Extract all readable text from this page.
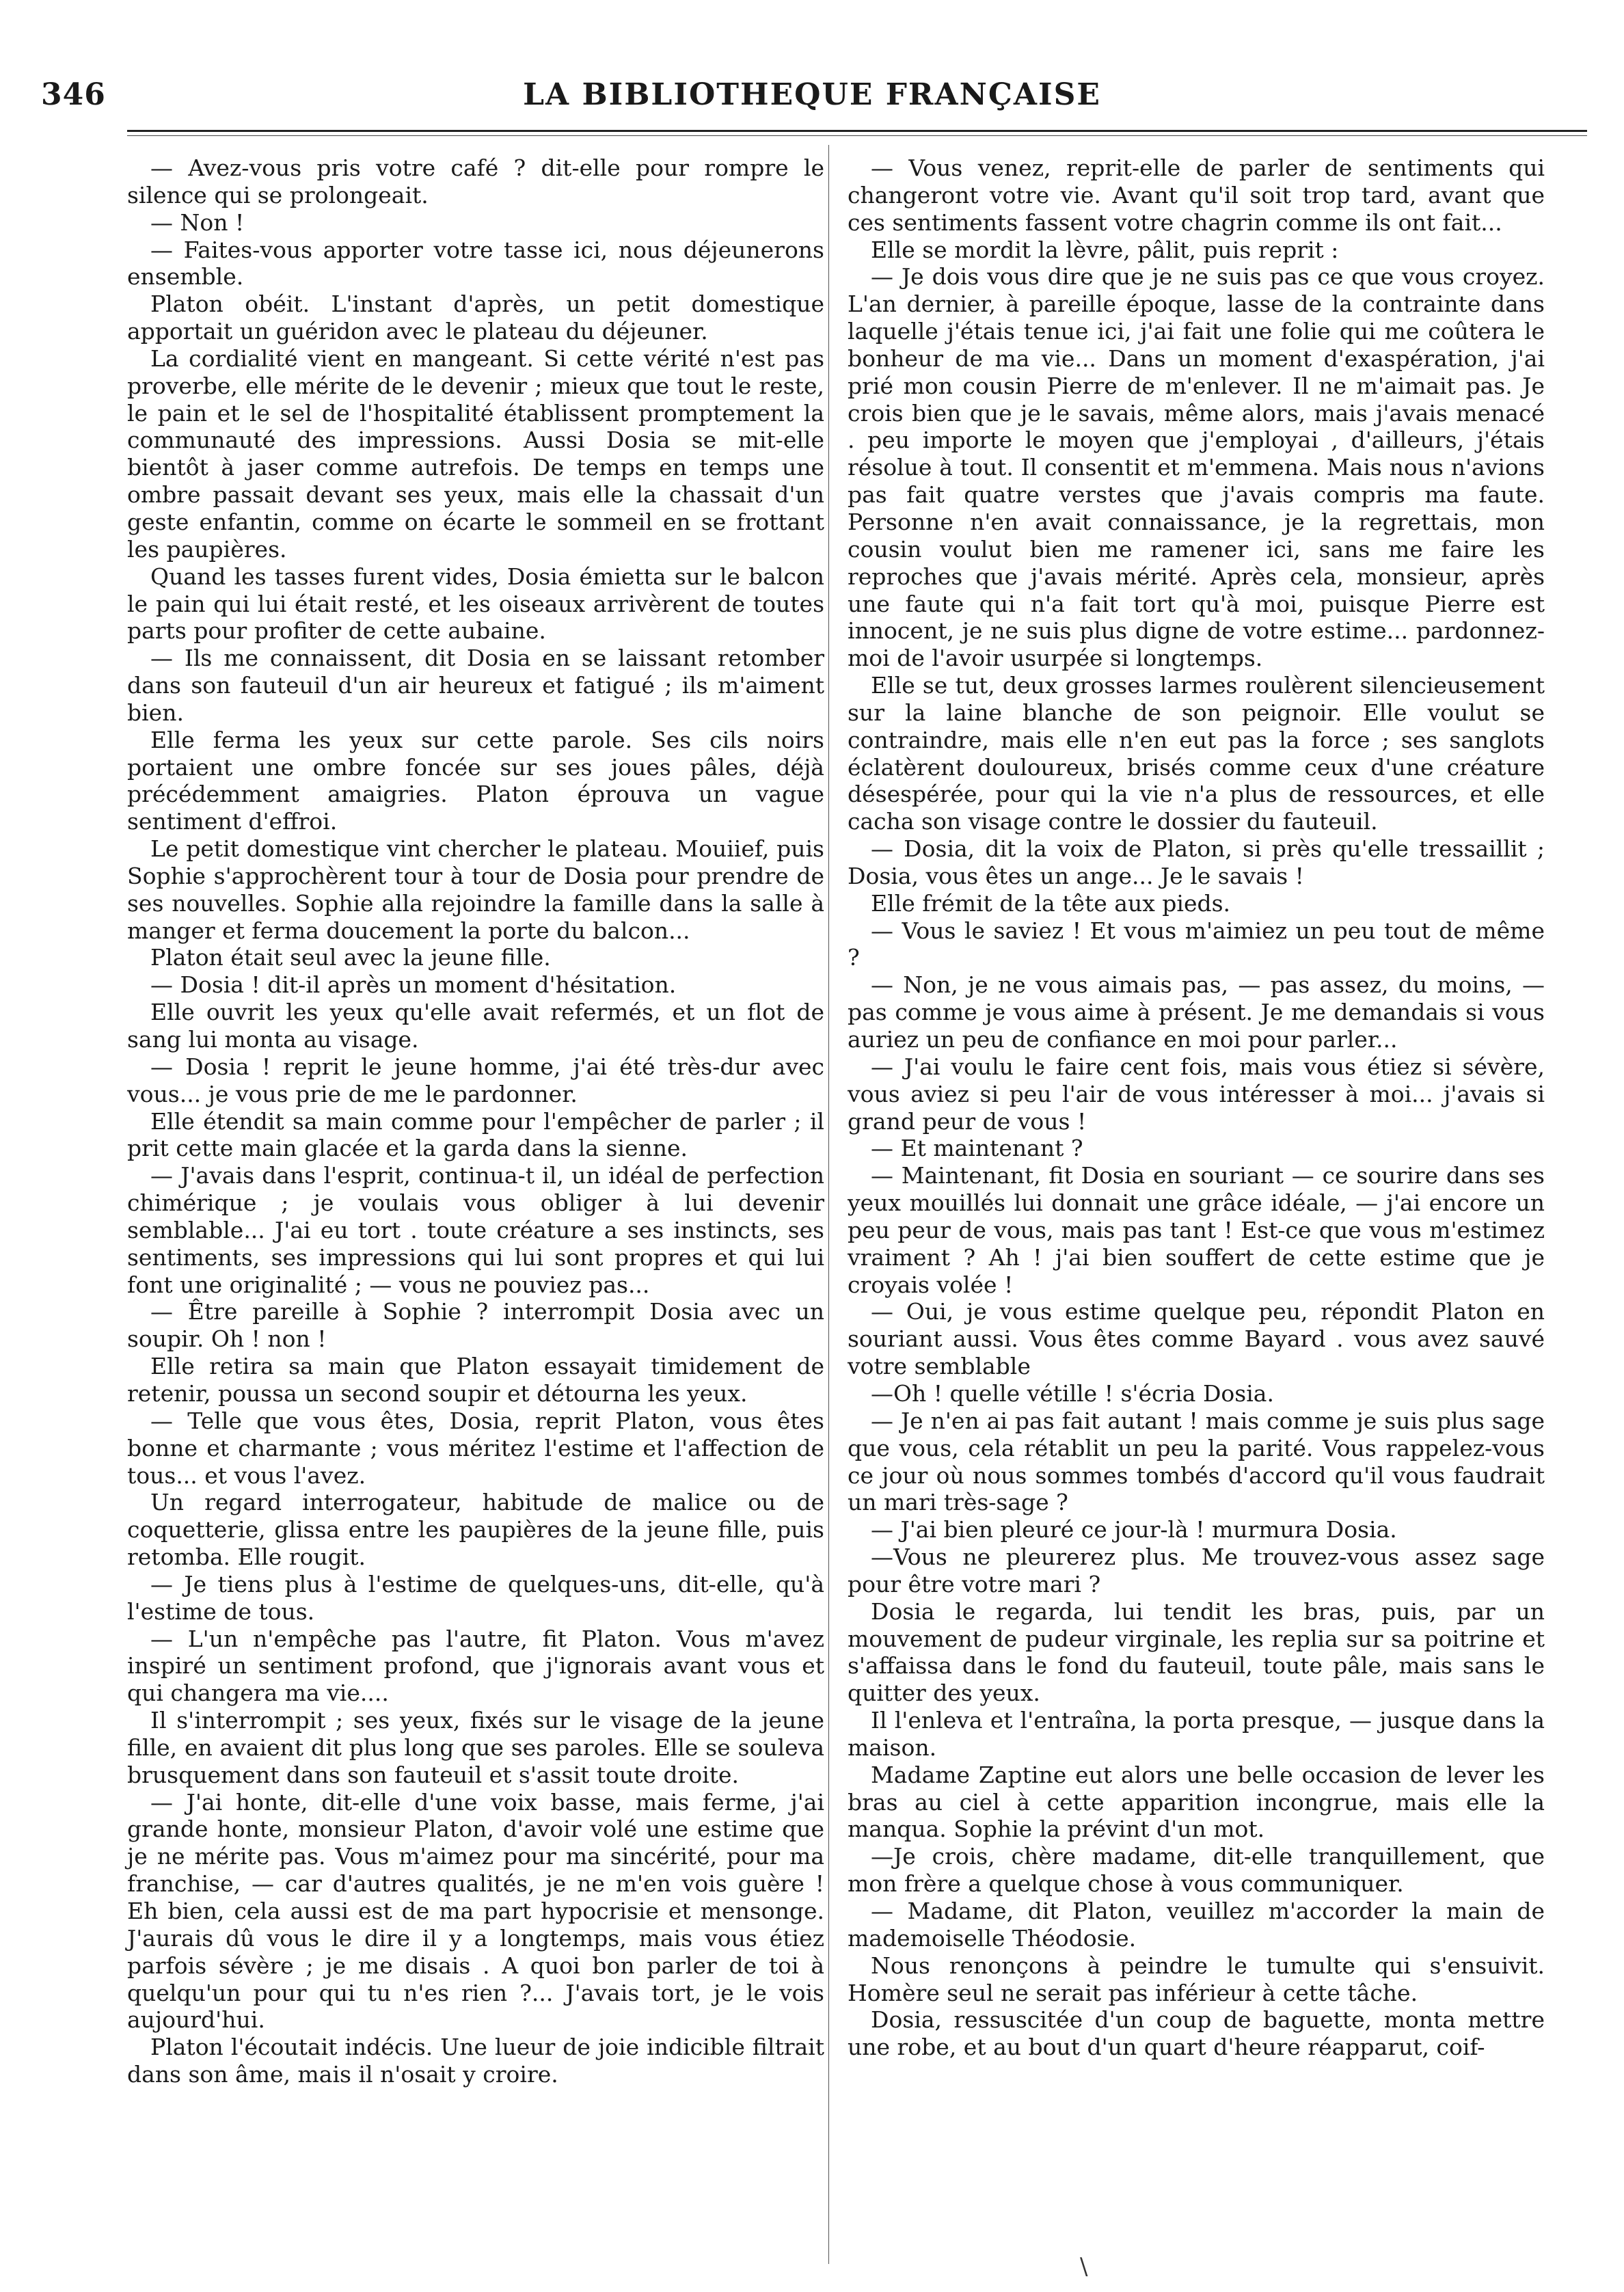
346	LA BIBLIOTHEQUE FRANÇAISE

— Avez-vous pris votre café ? dit-elle pour rompre le silence qui se prolongeait.

— Non !

— Faites-vous apporter votre tasse ici, nous déjeunerons ensemble.

Platon obéit. L'instant d'après, un petit domestique apportait un guéridon avec le plateau du déjeuner.

La cordialité vient en mangeant. Si cette vérité n'est pas proverbe, elle mérite de le devenir ; mieux que tout le reste, le pain et le sel de l'hospitalité établissent promptement la communauté des impressions. Aussi Dosia se mit-elle bientôt à jaser comme autrefois. De temps en temps une ombre passait devant ses yeux, mais elle la chassait d'un geste enfantin, comme on écarte le sommeil en se frottant les paupières.

Quand les tasses furent vides, Dosia émietta sur le balcon le pain qui lui était resté, et les oiseaux arrivèrent de toutes parts pour profiter de cette aubaine.

— Ils me connaissent, dit Dosia en se laissant retomber dans son fauteuil d'un air heureux et fatigué ; ils m'aiment bien.

Elle ferma les yeux sur cette parole. Ses cils noirs portaient une ombre foncée sur ses joues pâles, déjà précédemment amaigries. Platon éprouva un vague sentiment d'effroi.

Le petit domestique vint chercher le plateau. Mouiief, puis Sophie s'approchèrent tour à tour de Dosia pour prendre de ses nouvelles. Sophie alla rejoindre la famille dans la salle à manger et ferma doucement la porte du balcon...

Platon était seul avec la jeune fille.

— Dosia ! dit-il après un moment d'hésitation.

Elle ouvrit les yeux qu'elle avait refermés, et un flot de sang lui monta au visage.

— Dosia ! reprit le jeune homme, j'ai été très-dur avec vous... je vous prie de me le pardonner.

Elle étendit sa main comme pour l'empêcher de parler ; il prit cette main glacée et la garda dans la sienne.

— J'avais dans l'esprit, continua-t il, un idéal de perfection chimérique ; je voulais vous obliger à lui devenir semblable... J'ai eu tort . toute créature a ses instincts, ses sentiments, ses impressions qui lui sont propres et qui lui font une originalité ; — vous ne pouviez pas...

— Être pareille à Sophie ? interrompit Dosia avec un soupir. Oh ! non !

Elle retira sa main que Platon essayait timidement de retenir, poussa un second soupir et détourna les yeux.

— Telle que vous êtes, Dosia, reprit Platon, vous êtes bonne et charmante ; vous méritez l'estime et l'affection de tous... et vous l'avez.

Un regard interrogateur, habitude de malice ou de coquetterie, glissa entre les paupières de la jeune fille, puis retomba. Elle rougit.

— Je tiens plus à l'estime de quelques-uns, dit-elle, qu'à l'estime de tous.

— L'un n'empêche pas l'autre, fit Platon. Vous m'avez inspiré un sentiment profond, que j'ignorais avant vous et qui changera ma vie....

Il s'interrompit ; ses yeux, fixés sur le visage de la jeune fille, en avaient dit plus long que ses paroles. Elle se souleva brusquement dans son fauteuil et s'assit toute droite.

— J'ai honte, dit-elle d'une voix basse, mais ferme, j'ai grande honte, monsieur Platon, d'avoir volé une estime que je ne mérite pas. Vous m'aimez pour ma sincérité, pour ma franchise, — car d'autres qualités, je ne m'en vois guère ! Eh bien, cela aussi est de ma part hypocrisie et mensonge. J'aurais dû vous le dire il y a longtemps, mais vous étiez parfois sévère ; je me disais . A quoi bon parler de toi à quelqu'un pour qui tu n'es rien ?... J'avais tort, je le vois aujourd'hui.

Platon l'écoutait indécis. Une lueur de joie indicible filtrait dans son âme, mais il n'osait y croire.

— Vous venez, reprit-elle de parler de sentiments qui changeront votre vie. Avant qu'il soit trop tard, avant que ces sentiments fassent votre chagrin comme ils ont fait...

Elle se mordit la lèvre, pâlit, puis reprit :

— Je dois vous dire que je ne suis pas ce que vous croyez. L'an dernier, à pareille époque, lasse de la contrainte dans laquelle j'étais tenue ici, j'ai fait une folie qui me coûtera le bonheur de ma vie... Dans un moment d'exaspération, j'ai prié mon cousin Pierre de m'enlever. Il ne m'aimait pas. Je crois bien que je le savais, même alors, mais j'avais menacé . peu importe le moyen que j'employai , d'ailleurs, j'étais résolue à tout. Il consentit et m'emmena. Mais nous n'avions pas fait quatre verstes que j'avais compris ma faute. Personne n'en avait connaissance, je la regrettais, mon cousin voulut bien me ramener ici, sans me faire les reproches que j'avais mérité. Après cela, monsieur, après une faute qui n'a fait tort qu'à moi, puisque Pierre est innocent, je ne suis plus digne de votre estime... pardonnez-moi de l'avoir usurpée si longtemps.

Elle se tut, deux grosses larmes roulèrent silencieusement sur la laine blanche de son peignoir. Elle voulut se contraindre, mais elle n'en eut pas la force ; ses sanglots éclatèrent douloureux, brisés comme ceux d'une créature désespérée, pour qui la vie n'a plus de ressources, et elle cacha son visage contre le dossier du fauteuil.

— Dosia, dit la voix de Platon, si près qu'elle tressaillit ; Dosia, vous êtes un ange... Je le savais !

Elle frémit de la tête aux pieds.

— Vous le saviez ! Et vous m'aimiez un peu tout de même ?

— Non, je ne vous aimais pas, — pas assez, du moins, — pas comme je vous aime à présent. Je me demandais si vous auriez un peu de confiance en moi pour parler...

— J'ai voulu le faire cent fois, mais vous étiez si sévère, vous aviez si peu l'air de vous intéresser à moi... j'avais si grand peur de vous !

— Et maintenant ?

— Maintenant, fit Dosia en souriant — ce sourire dans ses yeux mouillés lui donnait une grâce idéale, — j'ai encore un peu peur de vous, mais pas tant ! Est-ce que vous m'estimez vraiment ? Ah ! j'ai bien souffert de cette estime que je croyais volée !

— Oui, je vous estime quelque peu, répondit Platon en souriant aussi. Vous êtes comme Bayard . vous avez sauvé votre semblable

—Oh ! quelle vétille ! s'écria Dosia.

— Je n'en ai pas fait autant ! mais comme je suis plus sage que vous, cela rétablit un peu la parité. Vous rappelez-vous ce jour où nous sommes tombés d'accord qu'il vous faudrait un mari très-sage ?

— J'ai bien pleuré ce jour-là ! murmura Dosia.

—Vous ne pleurerez plus. Me trouvez-vous assez sage pour être votre mari ?

Dosia le regarda, lui tendit les bras, puis, par un mouvement de pudeur virginale, les replia sur sa poitrine et s'affaissa dans le fond du fauteuil, toute pâle, mais sans le quitter des yeux.

Il l'enleva et l'entraîna, la porta presque, — jusque dans la maison.

Madame Zaptine eut alors une belle occasion de lever les bras au ciel à cette apparition incongrue, mais elle la manqua. Sophie la prévint d'un mot.

—Je crois, chère madame, dit-elle tranquillement, que mon frère a quelque chose à vous communiquer.

— Madame, dit Platon, veuillez m'accorder la main de mademoiselle Théodosie.

Nous renonçons à peindre le tumulte qui s'ensuivit. Homère seul ne serait pas inférieur à cette tâche.

Dosia, ressuscitée d'un coup de baguette, monta mettre une robe, et au bout d'un quart d'heure réapparut, coif-

\
